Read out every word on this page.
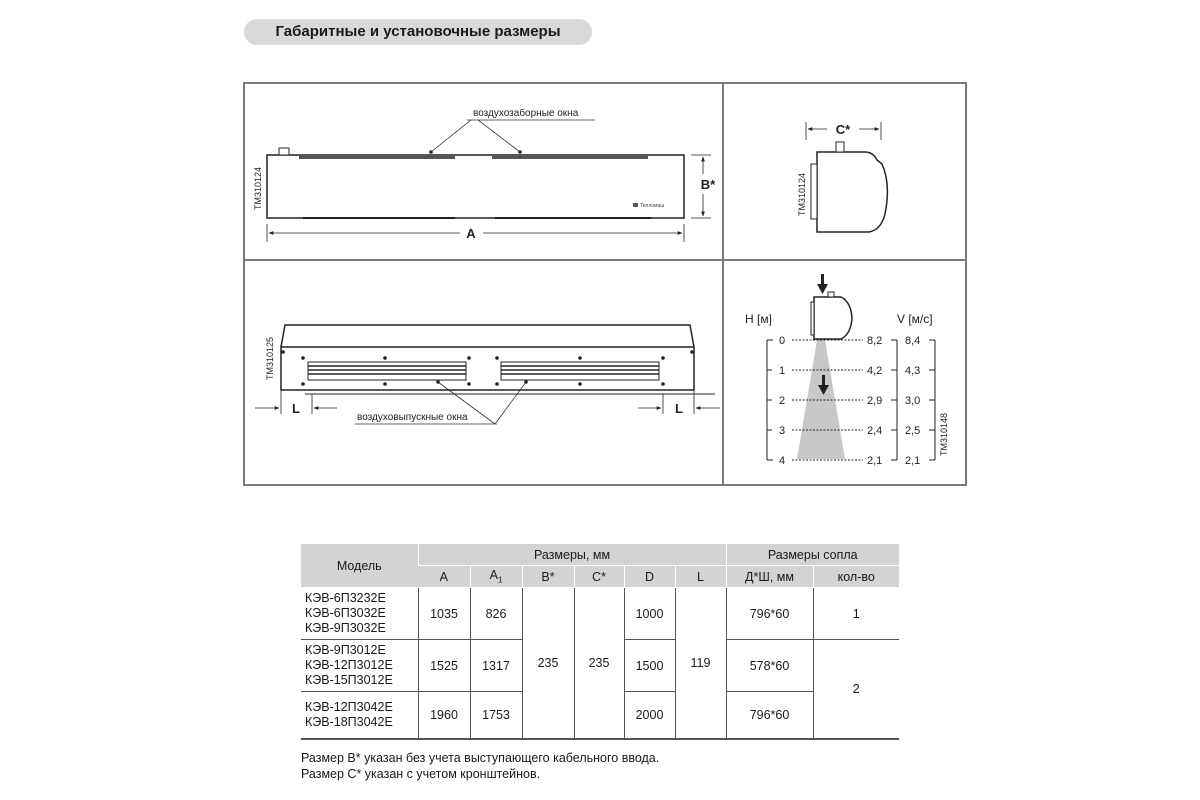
Габаритные и установочные размеры
воздухозаборные окна
ТМ310124	Тепломаш
A
B*	ТМ310124
C*
воздуховыпускные окна
ТМ310125
L	L
H [м]	V [м/с]
ТМ310148
0	8,2 8,4
1	4,2 4,3
2	2,9 3,0
3	2,4 2,5
4	2,1 2,1
Модель	Размеры, мм						Размеры сопла	
	A	$A_1$	B*	C*	D	L	Д*Ш, мм	кол-во

КЭВ-6П3232Е
КЭВ-6П3032Е
КЭВ-9П3032Е	1035	826	235	235	1000	119	796*60	1

КЭВ-9П3012Е
КЭВ-12П3012Е
КЭВ-15П3012Е	1525	1317			1500		578*60	2

КЭВ-12П3042Е
КЭВ-18П3042Е	1960	1753			2000		796*60	
Размер В* указан без учета выступающего кабельного ввода.
Размер С* указан с учетом кронштейнов.
